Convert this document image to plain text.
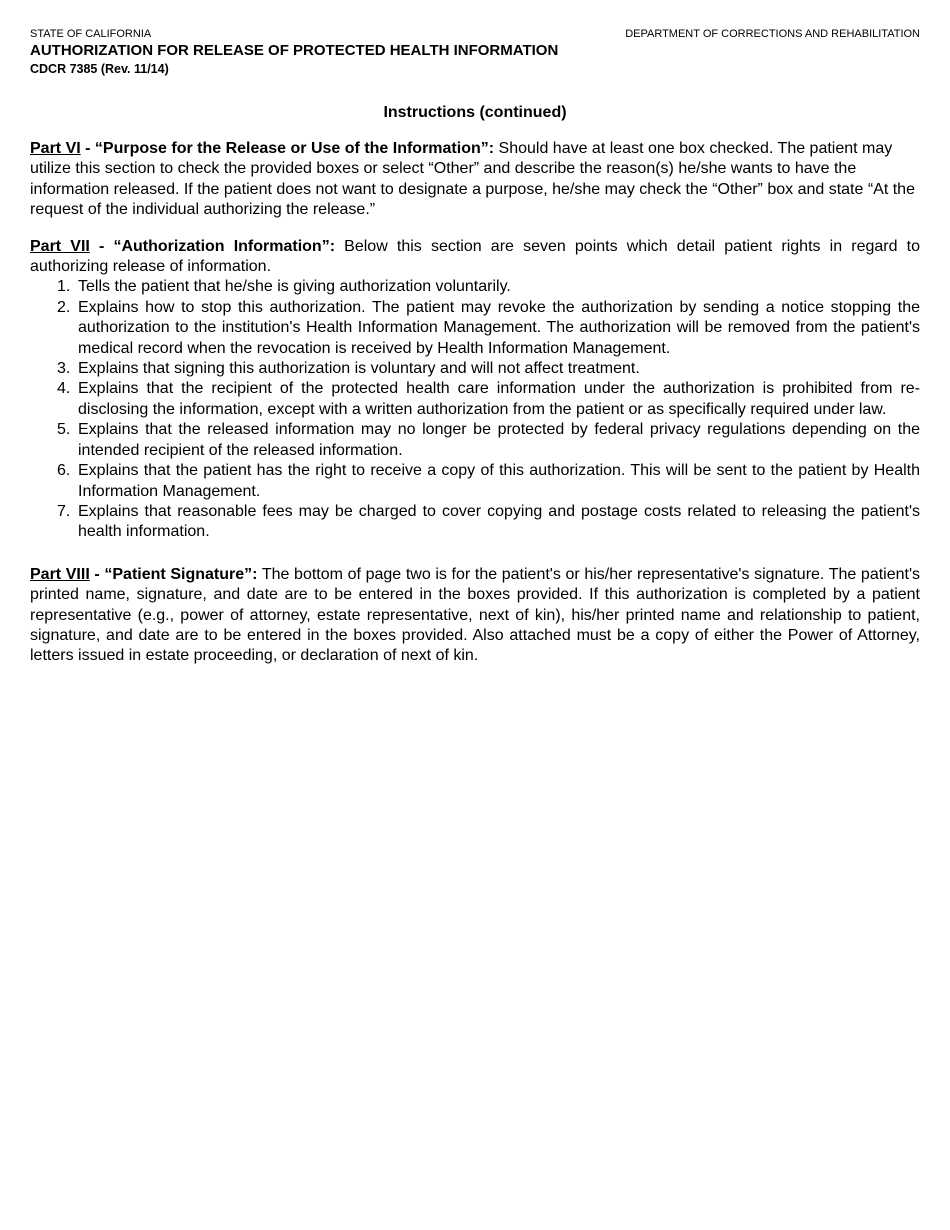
STATE OF CALIFORNIA
AUTHORIZATION FOR RELEASE OF PROTECTED HEALTH INFORMATION
CDCR 7385 (Rev. 11/14)
DEPARTMENT OF CORRECTIONS AND REHABILITATION
Instructions (continued)

Part VI - “Purpose for the Release or Use of the Information”: Should have at least one box checked. The patient may utilize this section to check the provided boxes or select “Other” and describe the reason(s) he/she wants to have the information released. If the patient does not want to designate a purpose, he/she may check the “Other” box and state “At the request of the individual authorizing the release.”

Part VII - “Authorization Information”: Below this section are seven points which detail patient rights in regard to authorizing release of information.

1. Tells the patient that he/she is giving authorization voluntarily.
2. Explains how to stop this authorization. The patient may revoke the authorization by sending a notice stopping the authorization to the institution's Health Information Management. The authorization will be removed from the patient's medical record when the revocation is received by Health Information Management.
3. Explains that signing this authorization is voluntary and will not affect treatment.
4. Explains that the recipient of the protected health care information under the authorization is prohibited from re-disclosing the information, except with a written authorization from the patient or as specifically required under law.
5. Explains that the released information may no longer be protected by federal privacy regulations depending on the intended recipient of the released information.
6. Explains that the patient has the right to receive a copy of this authorization. This will be sent to the patient by Health Information Management.
7. Explains that reasonable fees may be charged to cover copying and postage costs related to releasing the patient's health information.

Part VIII - “Patient Signature”: The bottom of page two is for the patient's or his/her representative's signature. The patient's printed name, signature, and date are to be entered in the boxes provided. If this authorization is completed by a patient representative (e.g., power of attorney, estate representative, next of kin), his/her printed name and relationship to patient, signature, and date are to be entered in the boxes provided. Also attached must be a copy of either the Power of Attorney, letters issued in estate proceeding, or declaration of next of kin.
